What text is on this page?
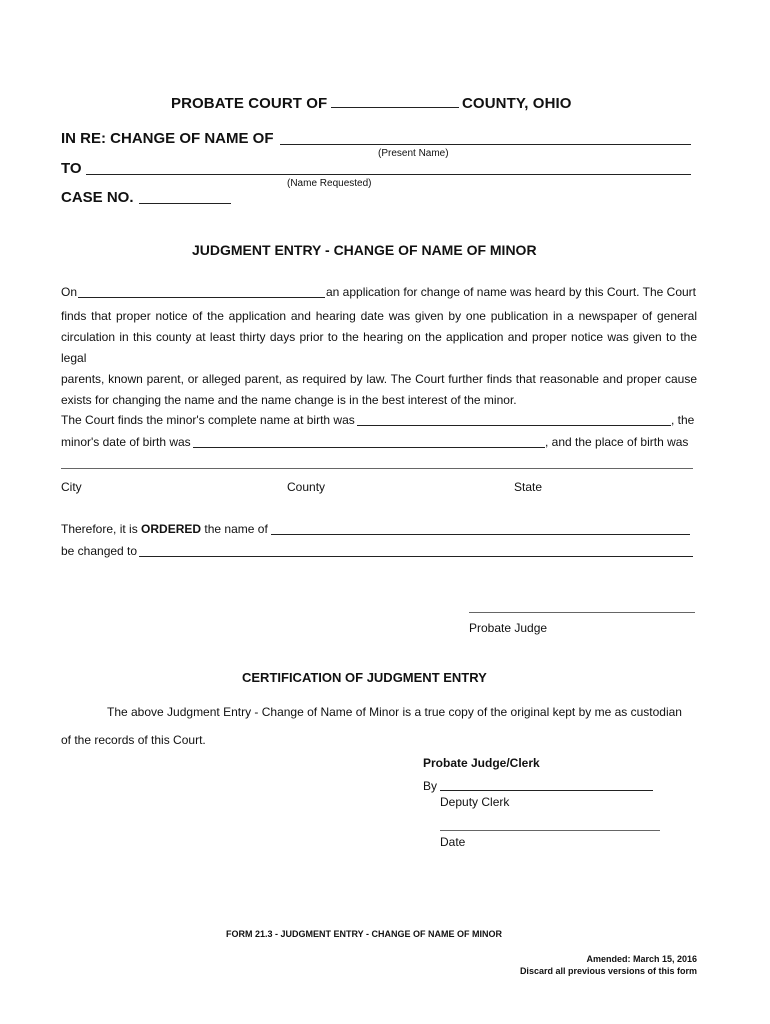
PROBATE COURT OF	COUNTY, OHIO
IN RE: CHANGE OF NAME OF
(Present Name)
TO
(Name Requested)
CASE NO.
JUDGMENT ENTRY - CHANGE OF NAME OF MINOR
On	an application for change of name was heard by this Court. The Court

finds that proper notice of the application and hearing date was given by one publication in a newspaper of general

circulation in this county at least thirty days prior to the hearing on the application and proper notice was given to the legal

parents, known parent, or alleged parent, as required by law. The Court further finds that reasonable and proper cause

exists for changing the name and the name change is in the best interest of the minor.

The Court finds the minor's complete name at birth was	, the
minor's date of birth was	, and the place of birth was
City	County	State
Therefore, it is ORDERED the name of
be changed to
Probate Judge
CERTIFICATION OF JUDGMENT ENTRY
The above Judgment Entry - Change of Name of Minor is a true copy of the original kept by me as custodian
of the records of this Court.
Probate Judge/Clerk
By
Deputy Clerk
Date
FORM 21.3 - JUDGMENT ENTRY - CHANGE OF NAME OF MINOR
Amended: March 15, 2016
Discard all previous versions of this form
